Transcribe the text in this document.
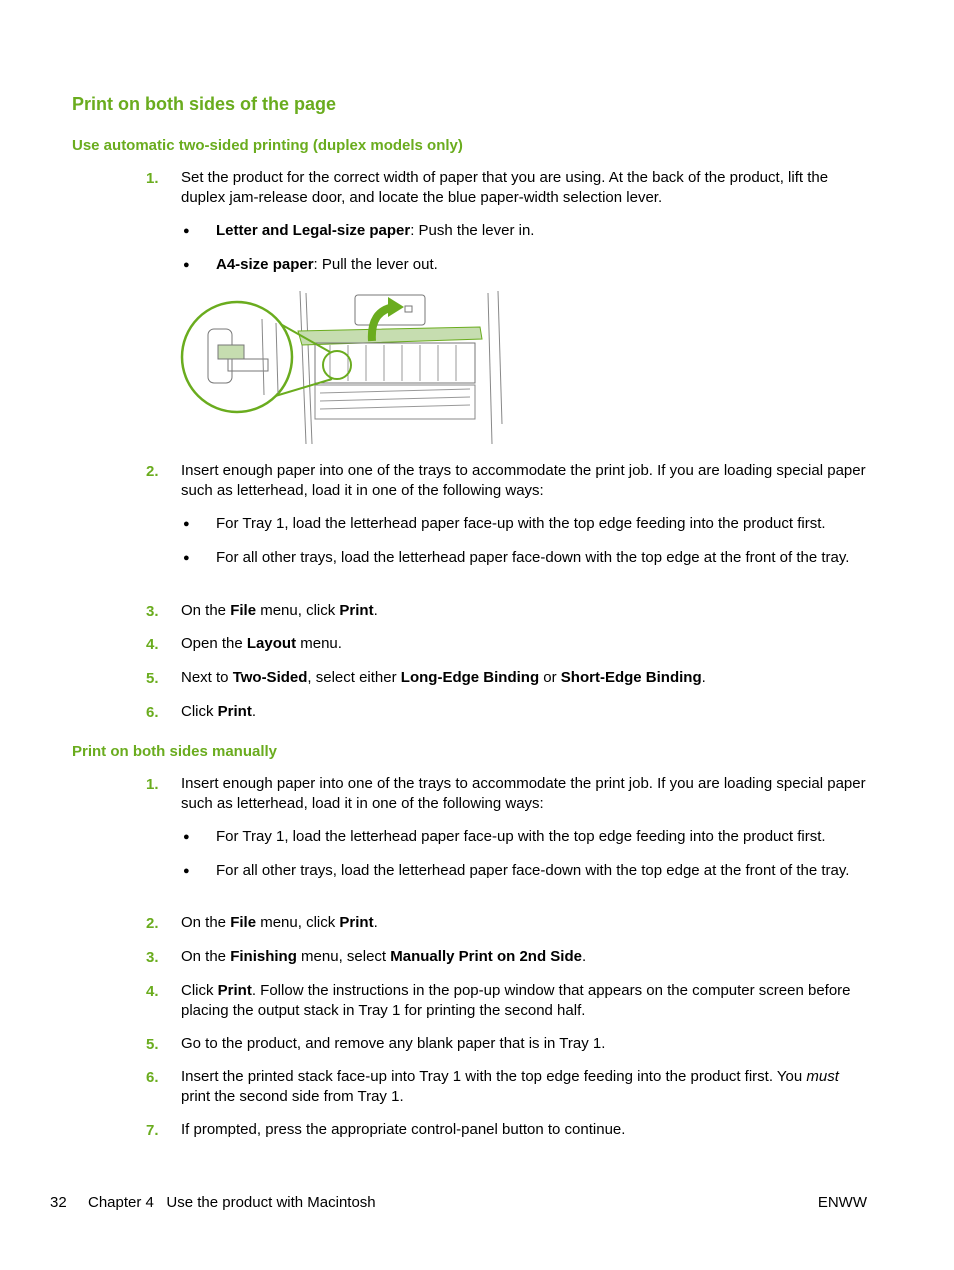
Print on both sides of the page
Use automatic two-sided printing (duplex models only)
1. Set the product for the correct width of paper that you are using. At the back of the product, lift the duplex jam-release door, and locate the blue paper-width selection lever.
● Letter and Legal-size paper: Push the lever in.
● A4-size paper: Pull the lever out.
2. Insert enough paper into one of the trays to accommodate the print job. If you are loading special paper such as letterhead, load it in one of the following ways:
● For Tray 1, load the letterhead paper face-up with the top edge feeding into the product first.
● For all other trays, load the letterhead paper face-down with the top edge at the front of the tray.
3. On the File menu, click Print.
4. Open the Layout menu.
5. Next to Two-Sided, select either Long-Edge Binding or Short-Edge Binding.
6. Click Print.
Print on both sides manually
1. Insert enough paper into one of the trays to accommodate the print job. If you are loading special paper such as letterhead, load it in one of the following ways:
● For Tray 1, load the letterhead paper face-up with the top edge feeding into the product first.
● For all other trays, load the letterhead paper face-down with the top edge at the front of the tray.
2. On the File menu, click Print.
3. On the Finishing menu, select Manually Print on 2nd Side.
4. Click Print. Follow the instructions in the pop-up window that appears on the computer screen before placing the output stack in Tray 1 for printing the second half.
5. Go to the product, and remove any blank paper that is in Tray 1.
6. Insert the printed stack face-up into Tray 1 with the top edge feeding into the product first. You must print the second side from Tray 1.
7. If prompted, press the appropriate control-panel button to continue.
32 Chapter 4   Use the product with Macintosh	ENWW
